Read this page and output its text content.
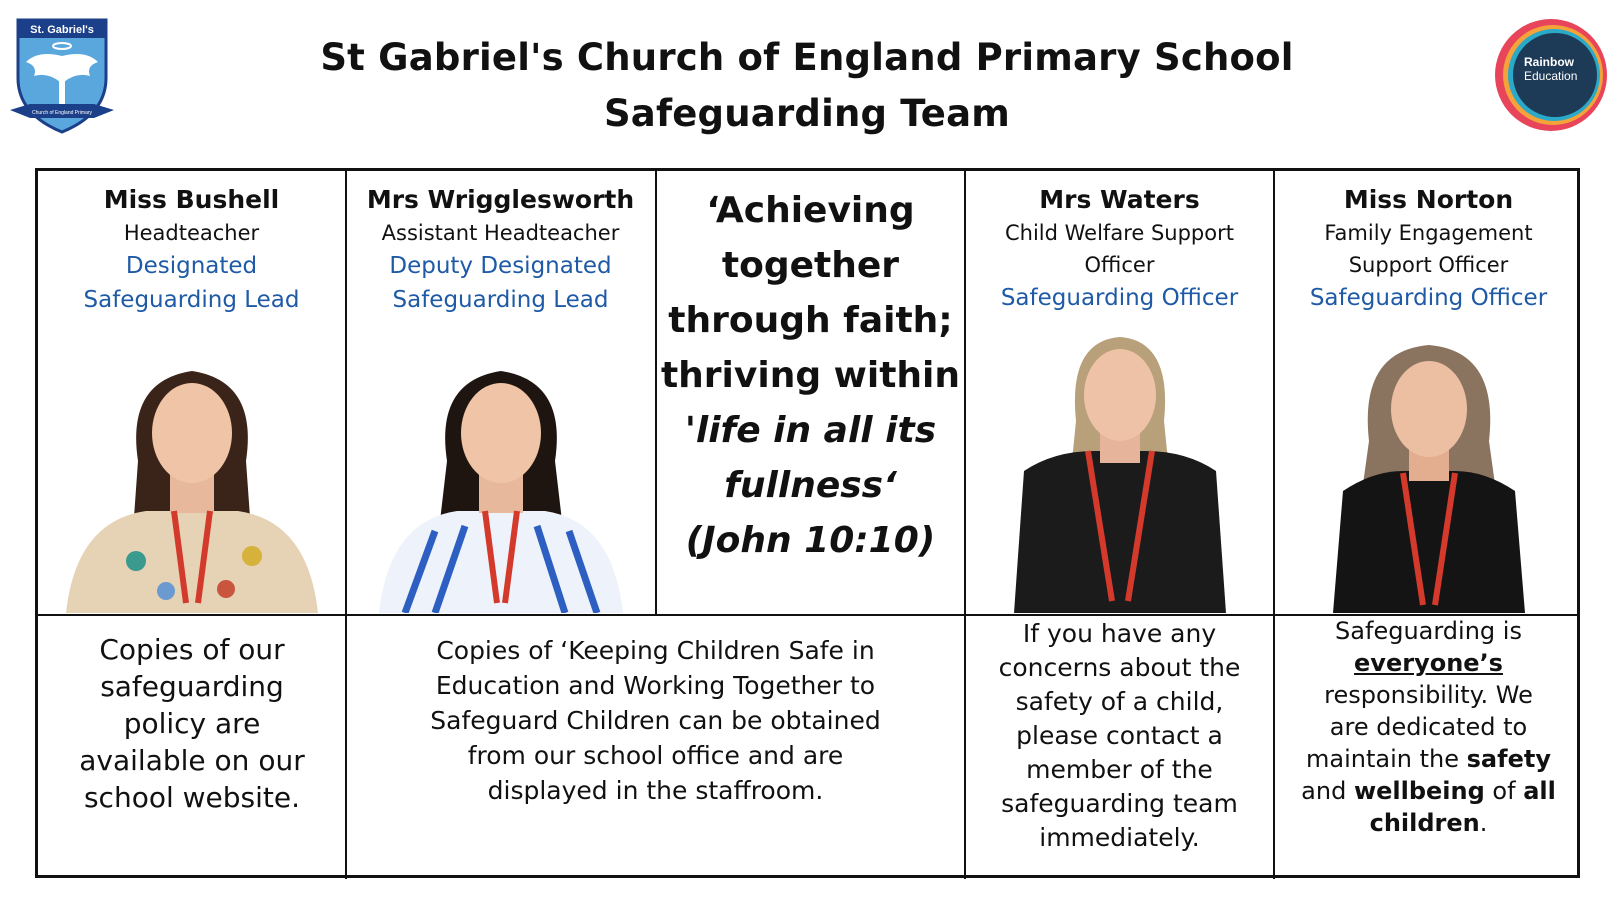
St. Gabriel's
Church of England Primary
Rainbow
Education
St Gabriel's Church of England Primary School
Safeguarding Team
Miss Bushell
Headteacher
Designated
Safeguarding Lead
Mrs Wrigglesworth
Assistant Headteacher
Deputy Designated
Safeguarding Lead
‘Achieving
together
through faith;
thriving within
'life in all its
fullness‘
(John 10:10)
Mrs Waters
Child Welfare Support
Officer
Safeguarding Officer
Miss Norton
Family Engagement
Support Officer
Safeguarding Officer
Copies of our
safeguarding
policy are
available on our
school website.
Copies of ‘Keeping Children Safe in
Education and Working Together to
Safeguard Children can be obtained
from our school office and are
displayed in the staffroom.
If you have any
concerns about the
safety of a child,
please contact a
member of the
safeguarding team
immediately.
Safeguarding is
everyone’s
responsibility. We
are dedicated to
maintain the safety
and wellbeing of all
children.
